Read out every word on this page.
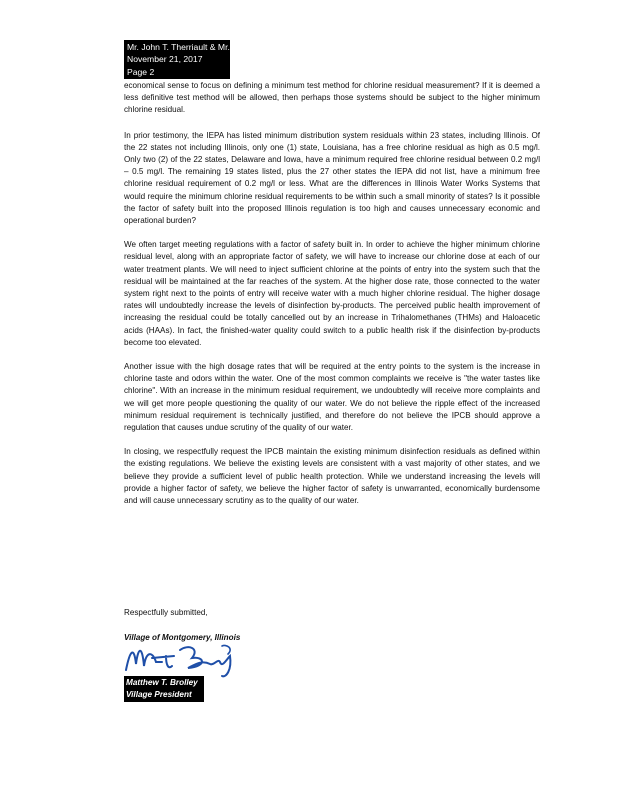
Mr. John T. Therriault & Mr. Tim Fox
November 21, 2017
Page 2

economical sense to focus on defining a minimum test method for chlorine residual measurement? If it is deemed a less definitive test method will be allowed, then perhaps those systems should be subject to the higher minimum chlorine residual.

In prior testimony, the IEPA has listed minimum distribution system residuals within 23 states, including Illinois. Of the 22 states not including Illinois, only one (1) state, Louisiana, has a free chlorine residual as high as 0.5 mg/l. Only two (2) of the 22 states, Delaware and Iowa, have a minimum required free chlorine residual between 0.2 mg/l – 0.5 mg/l. The remaining 19 states listed, plus the 27 other states the IEPA did not list, have a minimum free chlorine residual requirement of 0.2 mg/l or less. What are the differences in Illinois Water Works Systems that would require the minimum chlorine residual requirements to be within such a small minority of states? Is it possible the factor of safety built into the proposed Illinois regulation is too high and causes unnecessary economic and operational burden?

We often target meeting regulations with a factor of safety built in. In order to achieve the higher minimum chlorine residual level, along with an appropriate factor of safety, we will have to increase our chlorine dose at each of our water treatment plants. We will need to inject sufficient chlorine at the points of entry into the system such that the residual will be maintained at the far reaches of the system. At the higher dose rate, those connected to the water system right next to the points of entry will receive water with a much higher chlorine residual. The higher dosage rates will undoubtedly increase the levels of disinfection by-products. The perceived public health improvement of increasing the residual could be totally cancelled out by an increase in Trihalomethanes (THMs) and Haloacetic acids (HAAs). In fact, the finished-water quality could switch to a public health risk if the disinfection by-products become too elevated.

Another issue with the high dosage rates that will be required at the entry points to the system is the increase in chlorine taste and odors within the water. One of the most common complaints we receive is "the water tastes like chlorine". With an increase in the minimum residual requirement, we undoubtedly will receive more complaints and we will get more people questioning the quality of our water. We do not believe the ripple effect of the increased minimum residual requirement is technically justified, and therefore do not believe the IPCB should approve a regulation that causes undue scrutiny of the quality of our water.

In closing, we respectfully request the IPCB maintain the existing minimum disinfection residuals as defined within the existing regulations. We believe the existing levels are consistent with a vast majority of other states, and we believe they provide a sufficient level of public health protection. While we understand increasing the levels will provide a higher factor of safety, we believe the higher factor of safety is unwarranted, economically burdensome and will cause unnecessary scrutiny as to the quality of our water.

Respectfully submitted,
Village of Montgomery, Illinois
Matthew T. Brolley
Village President
